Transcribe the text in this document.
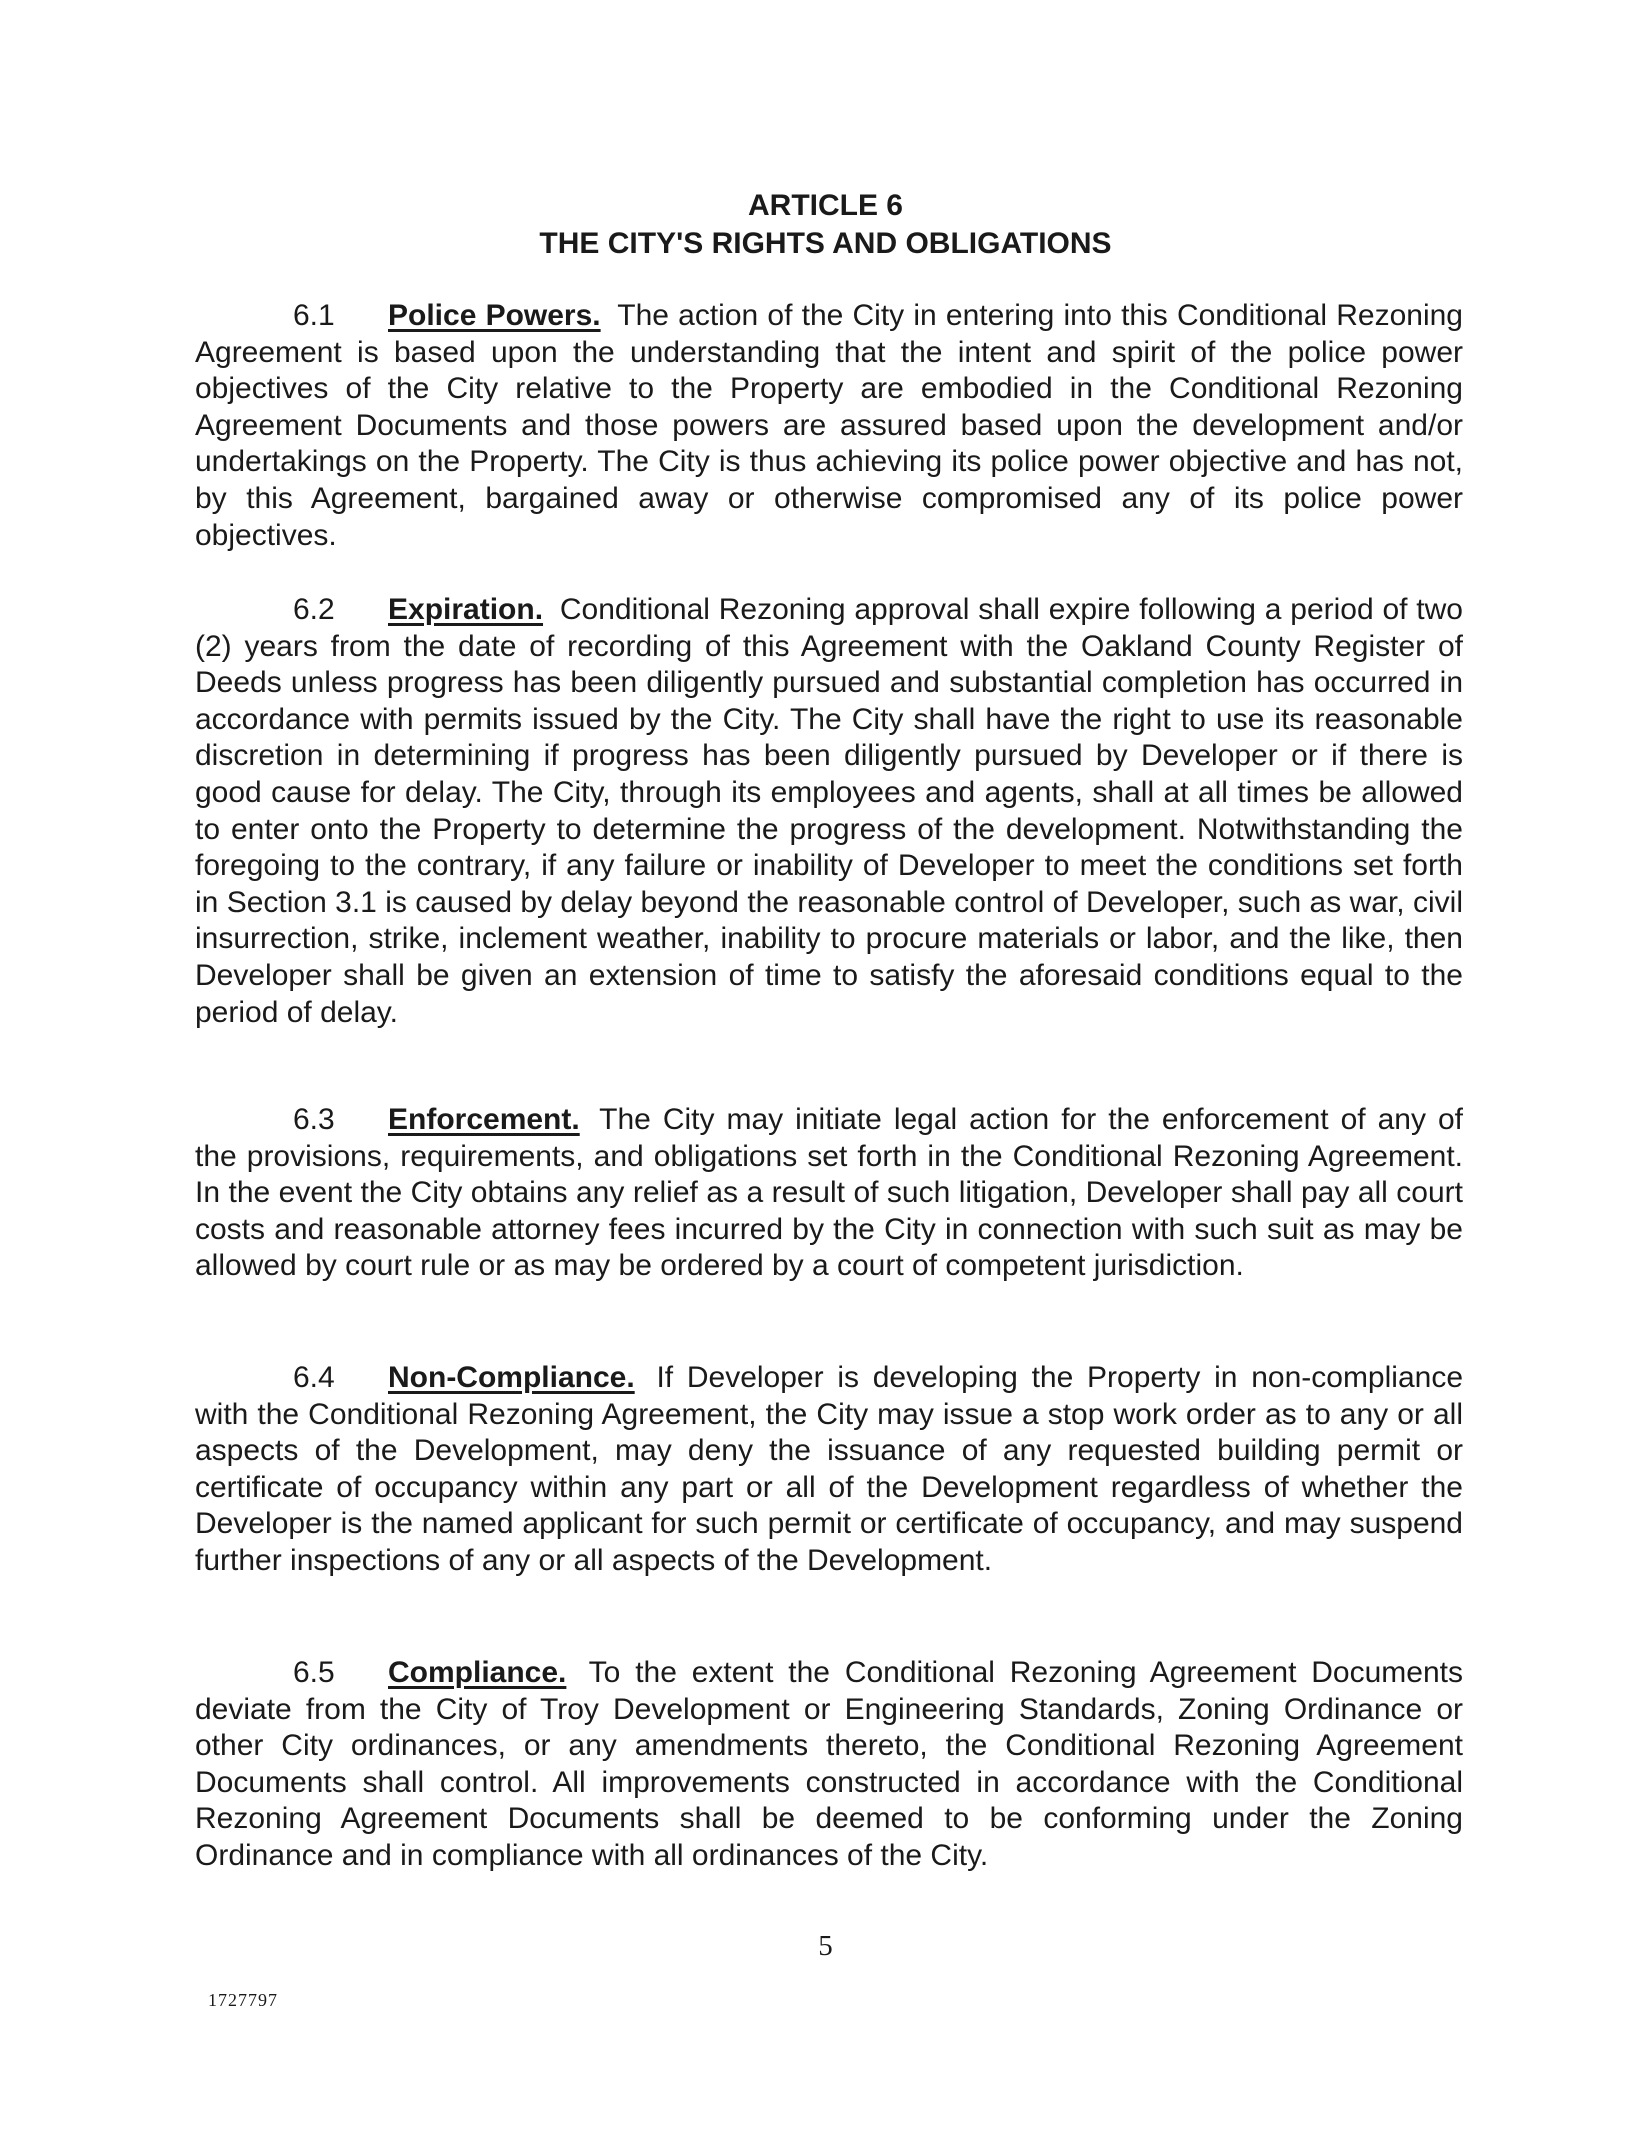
ARTICLE 6
THE CITY'S RIGHTS AND OBLIGATIONS
6.1 Police Powers. The action of the City in entering into this Conditional Rezoning Agreement is based upon the understanding that the intent and spirit of the police power objectives of the City relative to the Property are embodied in the Conditional Rezoning Agreement Documents and those powers are assured based upon the development and/or undertakings on the Property. The City is thus achieving its police power objective and has not, by this Agreement, bargained away or otherwise compromised any of its police power objectives.
6.2 Expiration. Conditional Rezoning approval shall expire following a period of two (2) years from the date of recording of this Agreement with the Oakland County Register of Deeds unless progress has been diligently pursued and substantial completion has occurred in accordance with permits issued by the City. The City shall have the right to use its reasonable discretion in determining if progress has been diligently pursued by Developer or if there is good cause for delay. The City, through its employees and agents, shall at all times be allowed to enter onto the Property to determine the progress of the development. Notwithstanding the foregoing to the contrary, if any failure or inability of Developer to meet the conditions set forth in Section 3.1 is caused by delay beyond the reasonable control of Developer, such as war, civil insurrection, strike, inclement weather, inability to procure materials or labor, and the like, then Developer shall be given an extension of time to satisfy the aforesaid conditions equal to the period of delay.
6.3 Enforcement. The City may initiate legal action for the enforcement of any of the provisions, requirements, and obligations set forth in the Conditional Rezoning Agreement. In the event the City obtains any relief as a result of such litigation, Developer shall pay all court costs and reasonable attorney fees incurred by the City in connection with such suit as may be allowed by court rule or as may be ordered by a court of competent jurisdiction.
6.4 Non-Compliance. If Developer is developing the Property in non-compliance with the Conditional Rezoning Agreement, the City may issue a stop work order as to any or all aspects of the Development, may deny the issuance of any requested building permit or certificate of occupancy within any part or all of the Development regardless of whether the Developer is the named applicant for such permit or certificate of occupancy, and may suspend further inspections of any or all aspects of the Development.
6.5 Compliance. To the extent the Conditional Rezoning Agreement Documents deviate from the City of Troy Development or Engineering Standards, Zoning Ordinance or other City ordinances, or any amendments thereto, the Conditional Rezoning Agreement Documents shall control. All improvements constructed in accordance with the Conditional Rezoning Agreement Documents shall be deemed to be conforming under the Zoning Ordinance and in compliance with all ordinances of the City.
5
1727797
